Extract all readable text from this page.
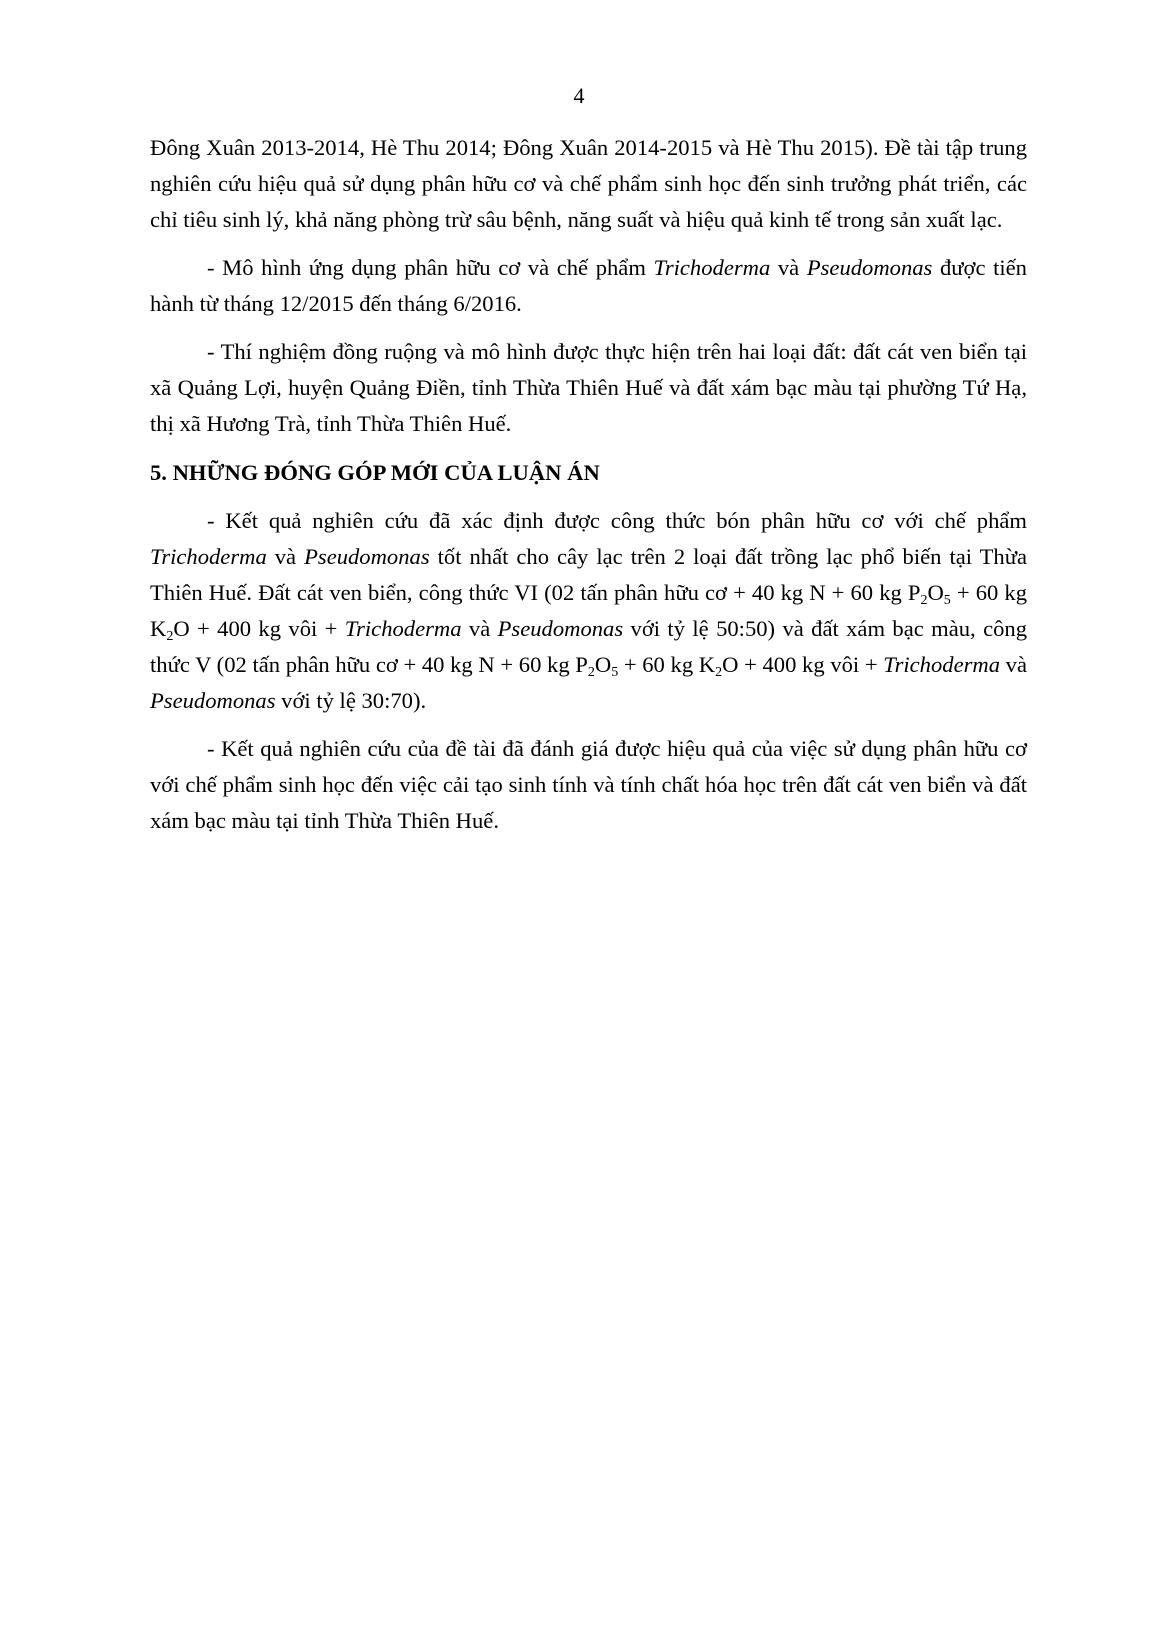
4

Đông Xuân 2013-2014, Hè Thu 2014; Đông Xuân 2014-2015 và Hè Thu 2015). Đề tài tập trung nghiên cứu hiệu quả sử dụng phân hữu cơ và chế phẩm sinh học đến sinh trưởng phát triển, các chỉ tiêu sinh lý, khả năng phòng trừ sâu bệnh, năng suất và hiệu quả kinh tế trong sản xuất lạc.

- Mô hình ứng dụng phân hữu cơ và chế phẩm Trichoderma và Pseudomonas được tiến hành từ tháng 12/2015 đến tháng 6/2016.

- Thí nghiệm đồng ruộng và mô hình được thực hiện trên hai loại đất: đất cát ven biển tại xã Quảng Lợi, huyện Quảng Điền, tỉnh Thừa Thiên Huế và đất xám bạc màu tại phường Tứ Hạ, thị xã Hương Trà, tỉnh Thừa Thiên Huế.

5. NHỮNG ĐÓNG GÓP MỚI CỦA LUẬN ÁN

- Kết quả nghiên cứu đã xác định được công thức bón phân hữu cơ với chế phẩm Trichoderma và Pseudomonas tốt nhất cho cây lạc trên 2 loại đất trồng lạc phổ biến tại Thừa Thiên Huế. Đất cát ven biển, công thức VI (02 tấn phân hữu cơ + 40 kg N + 60 kg $P_2O_5 + 60$ kg $K_2O + 400$ kg vôi + Trichoderma và Pseudomonas với tỷ lệ 50:50) và đất xám bạc màu, công thức V (02 tấn phân hữu cơ + 40 kg N + 60 kg $P_2O_5 + 60$ kg $K_2O + 400$ kg vôi + Trichoderma và Pseudomonas với tỷ lệ 30:70).

- Kết quả nghiên cứu của đề tài đã đánh giá được hiệu quả của việc sử dụng phân hữu cơ với chế phẩm sinh học đến việc cải tạo sinh tính và tính chất hóa học trên đất cát ven biển và đất xám bạc màu tại tỉnh Thừa Thiên Huế.
